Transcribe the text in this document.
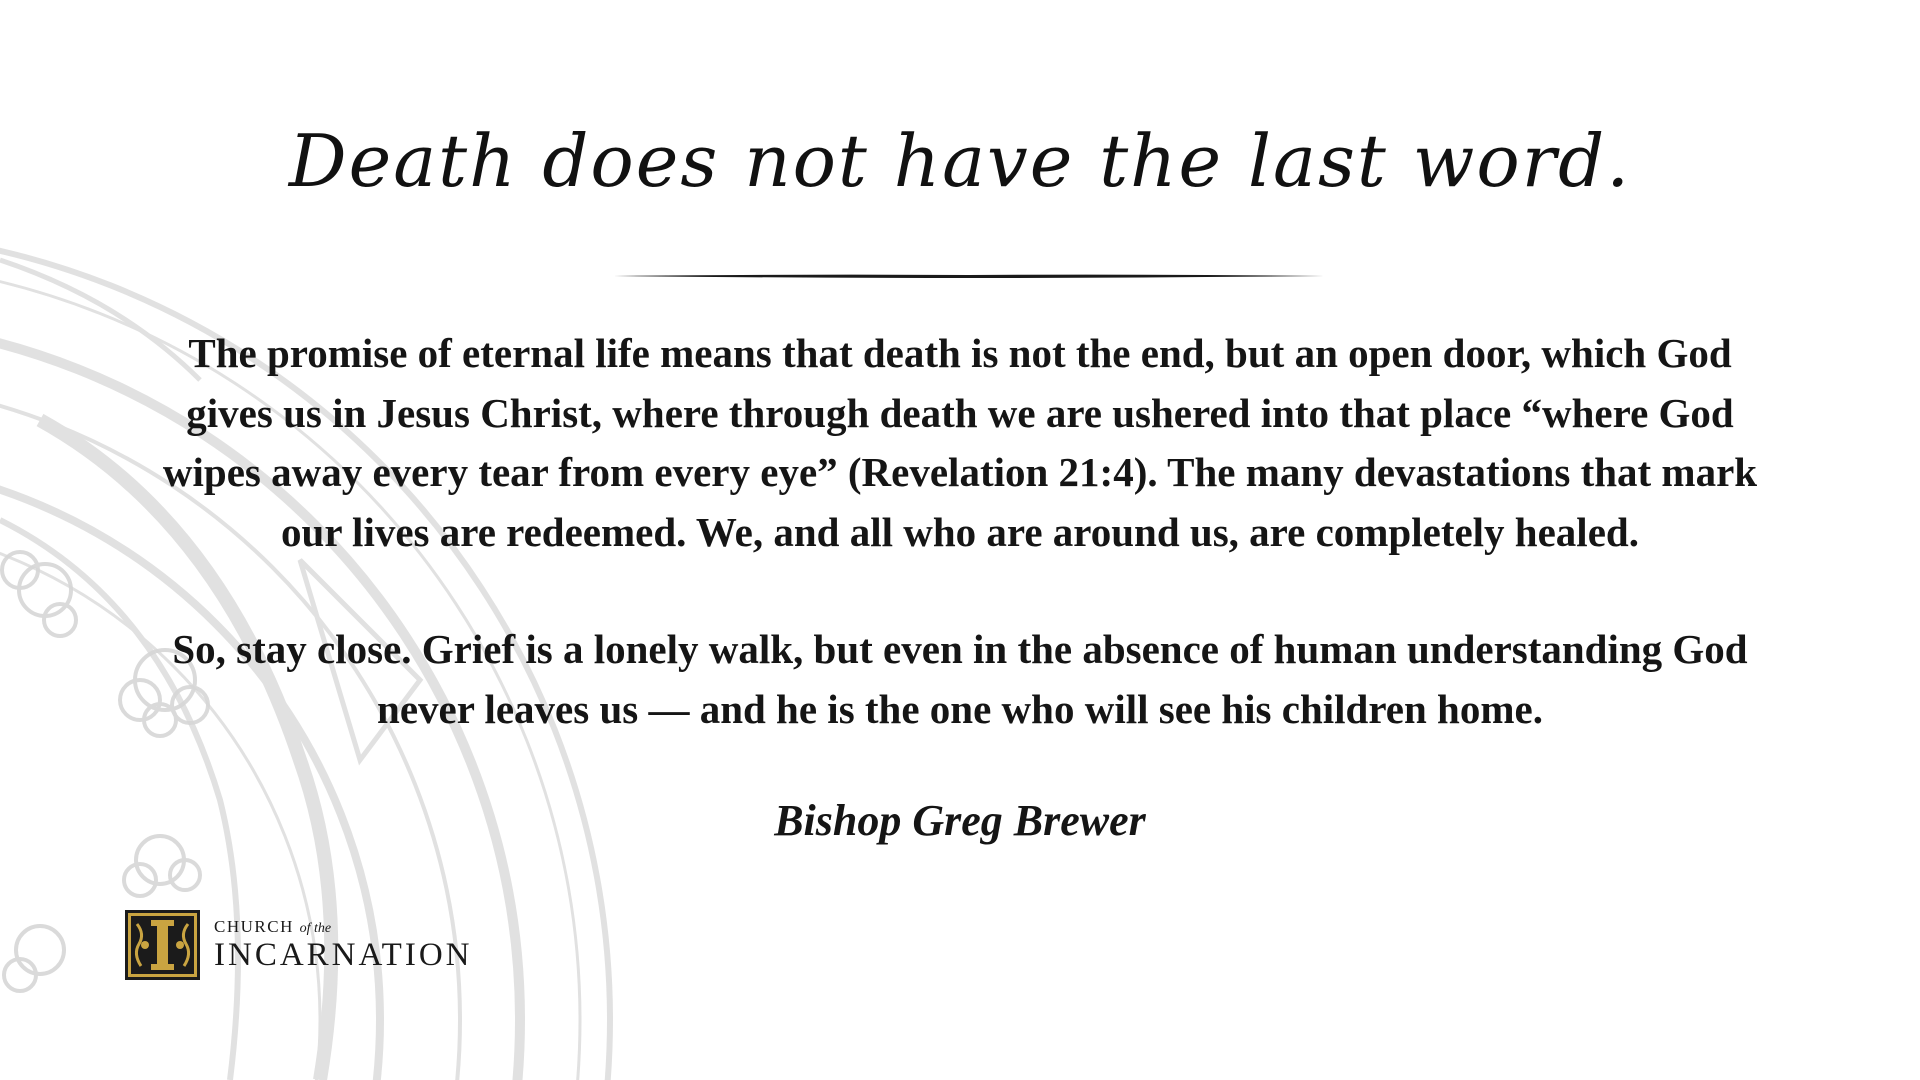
Death does not have the last word.

The promise of eternal life means that death is not the end, but an open door, which God gives us in Jesus Christ, where through death we are ushered into that place “where God wipes away every tear from every eye” (Revelation 21:4). The many devastations that mark our lives are redeemed. We, and all who are around us, are completely healed.

So, stay close. Grief is a lonely walk, but even in the absence of human understanding God never leaves us — and he is the one who will see his children home.

Bishop Greg Brewer

CHURCH of the
INCARNATION
